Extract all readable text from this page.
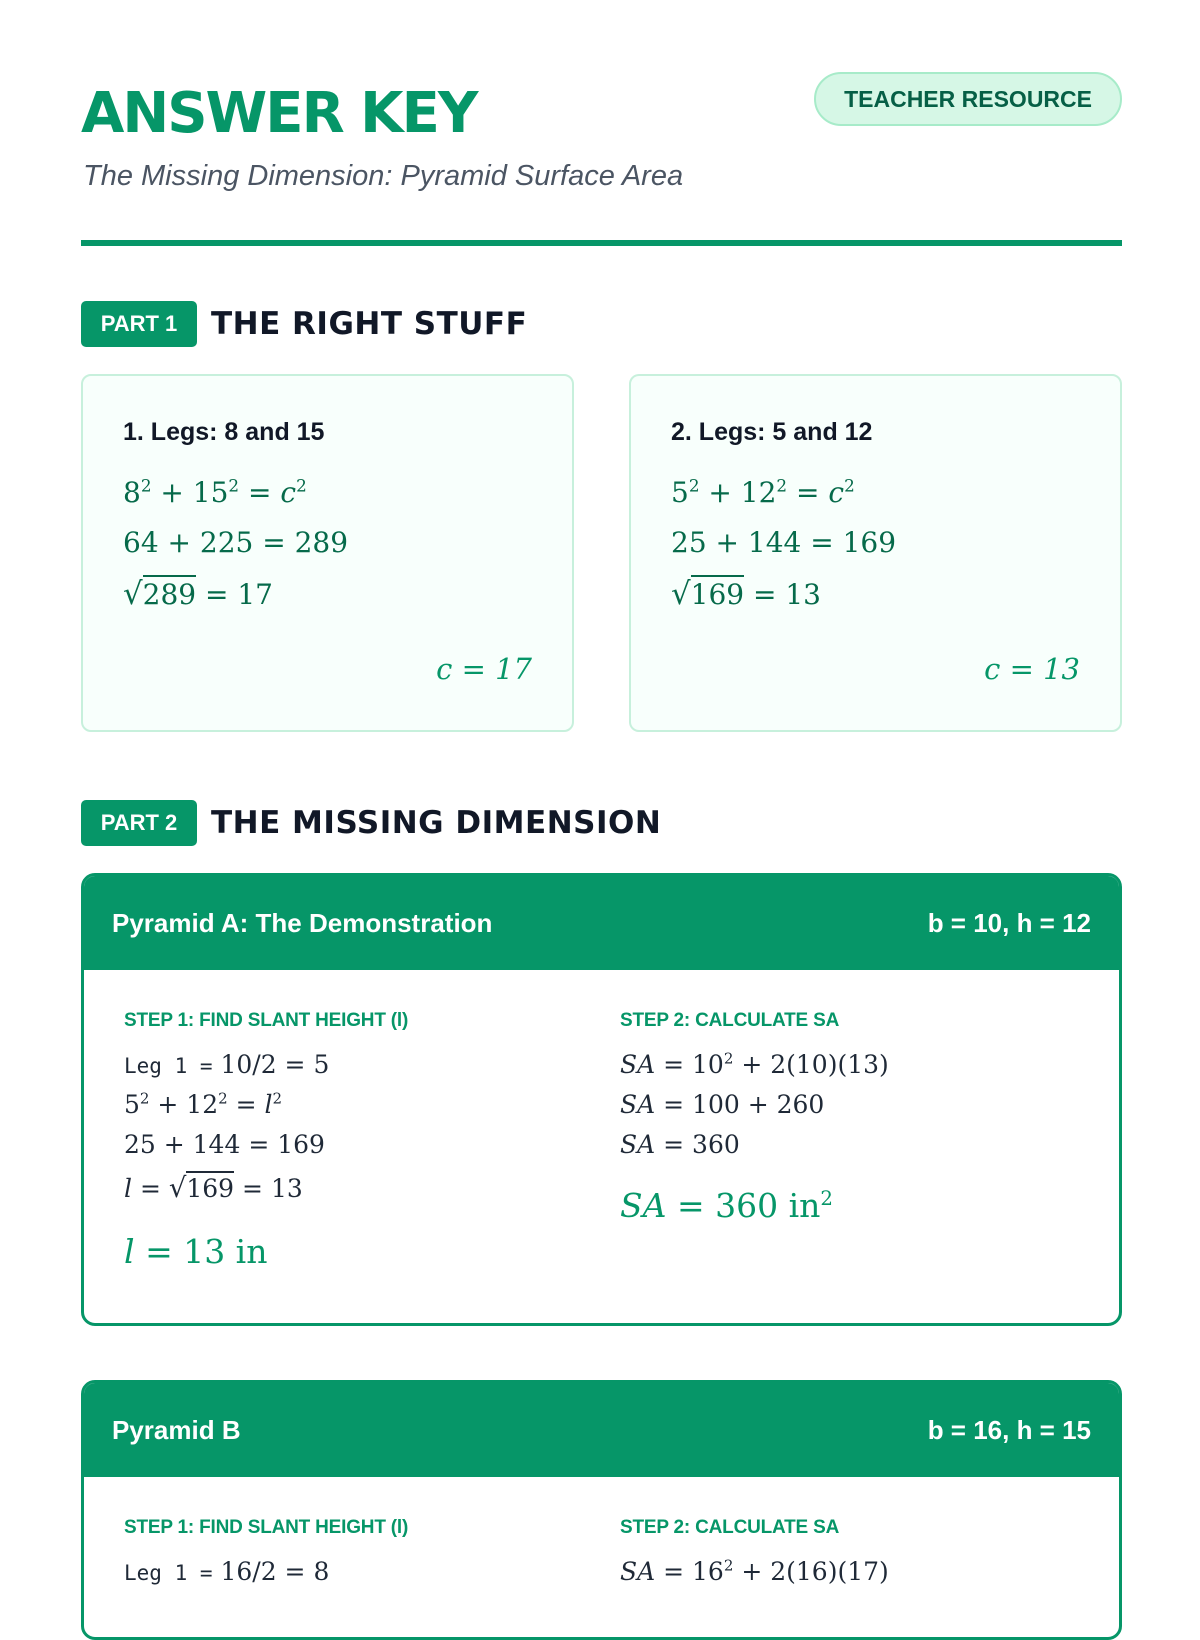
ANSWER KEY
The Missing Dimension: Pyramid Surface Area
TEACHER RESOURCE
PART 1	THE RIGHT STUFF
1. Legs: 8 and 15
$8^2 + 15^2 = c^2$
64 + 225 = 289
√289 = 17
c = 17
2. Legs: 5 and 12
$5^2 + 12^2 = c^2$
25 + 144 = 169
√169 = 13
c = 13
PART 2	THE MISSING DIMENSION
Pyramid A: The Demonstration	b = 10, h = 12
STEP 1: FIND SLANT HEIGHT (l)
Leg 1 = 10/2 = 5
$5^2 + 12^2 = l^2$
25 + 144 = 169
l = √169 = 13
l = 13 in
STEP 2: CALCULATE SA
SA = $10^2 + 2(10)(13)$
SA = 100 + 260
SA = 360
SA = 360 $in^2$
Pyramid B	b = 16, h = 15
STEP 1: FIND SLANT HEIGHT (l)
Leg 1 = 16/2 = 8
STEP 2: CALCULATE SA
SA = $16^2 + 2(16)(17)$
